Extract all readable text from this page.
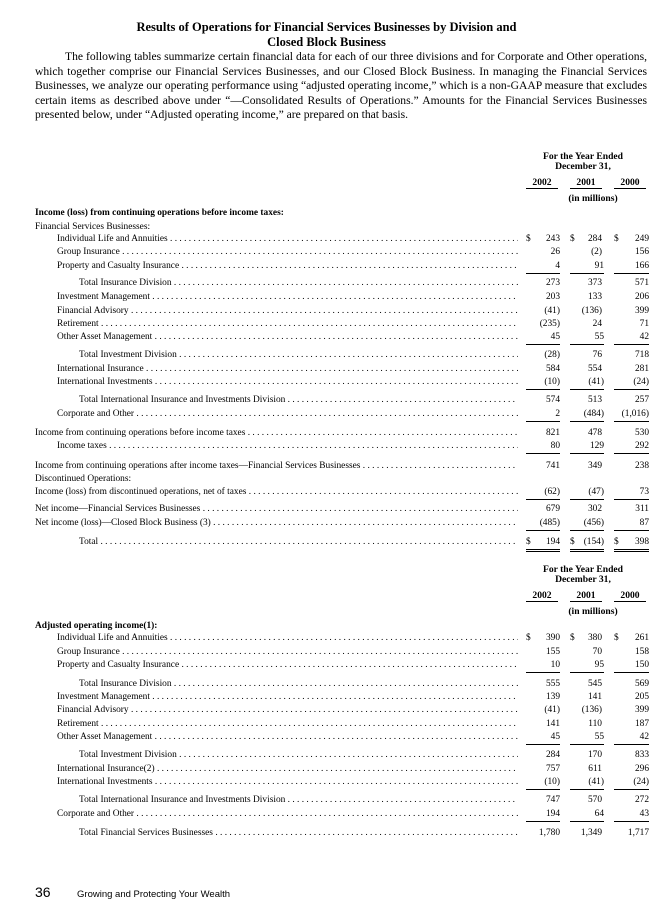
Results of Operations for Financial Services Businesses by Division and
Closed Block Business
The following tables summarize certain financial data for each of our three divisions and for Corporate and Other operations, which together comprise our Financial Services Businesses, and our Closed Block Business. In managing the Financial Services Businesses, we analyze our operating performance using “adjusted operating income,” which is a non-GAAP measure that excludes certain items as described above under “—Consolidated Results of Operations.” Amounts for the Financial Services Businesses presented below, under “Adjusted operating income,” are prepared on that basis.
For the Year Ended
December 31,
2002	2001	2000
(in millions)
Income (loss) from continuing operations before income taxes:
Financial Services Businesses:
Individual Life and Annuities . . .	$	243 $	284 $	249
Group Insurance . . .	26	(2)	156
Property and Casualty Insurance . . .	4	91	166
Total Insurance Division . . .	273	373	571
Investment Management . . .	203	133	206
Financial Advisory . . .	(41)	(136)	399
Retirement . . .	(235)	24	71
Other Asset Management . . .	45	55	42
Total Investment Division . . .	(28)	76	718
International Insurance . . .	584	554	281
International Investments . . .	(10)	(41)	(24)
Total International Insurance and Investments Division . . .	574	513	257
Corporate and Other . . .	2	(484)	(1,016)
Income from continuing operations before income taxes . . .	821	478	530
Income taxes . . .	80	129	292
Income from continuing operations after income taxes—Financial Services Businesses . . .	741	349	238
Discontinued Operations:
Income (loss) from discontinued operations, net of taxes . . .	(62)	(47)	73
Net income—Financial Services Businesses . . .	679	302	311
Net income (loss)—Closed Block Business (3) . . .	(485)	(456)	87
Total . . .	$	194 $ (154) $	398
For the Year Ended
December 31,
2002	2001	2000
(in millions)
Adjusted operating income(1):
Individual Life and Annuities . . .	$	390 $	380 $	261
Group Insurance . . .	155	70	158
Property and Casualty Insurance . . .	10	95	150
Total Insurance Division . . .	555	545	569
Investment Management . . .	139	141	205
Financial Advisory . . .	(41)	(136)	399
Retirement . . .	141	110	187
Other Asset Management . . .	45	55	42
Total Investment Division . . .	284	170	833
International Insurance(2) . . .	757	611	296
International Investments . . .	(10)	(41)	(24)
Total International Insurance and Investments Division . . .	747	570	272
Corporate and Other . . .	194	64	43
Total Financial Services Businesses . . .	1,780	1,349	1,717
36	Growing and Protecting Your Wealth
